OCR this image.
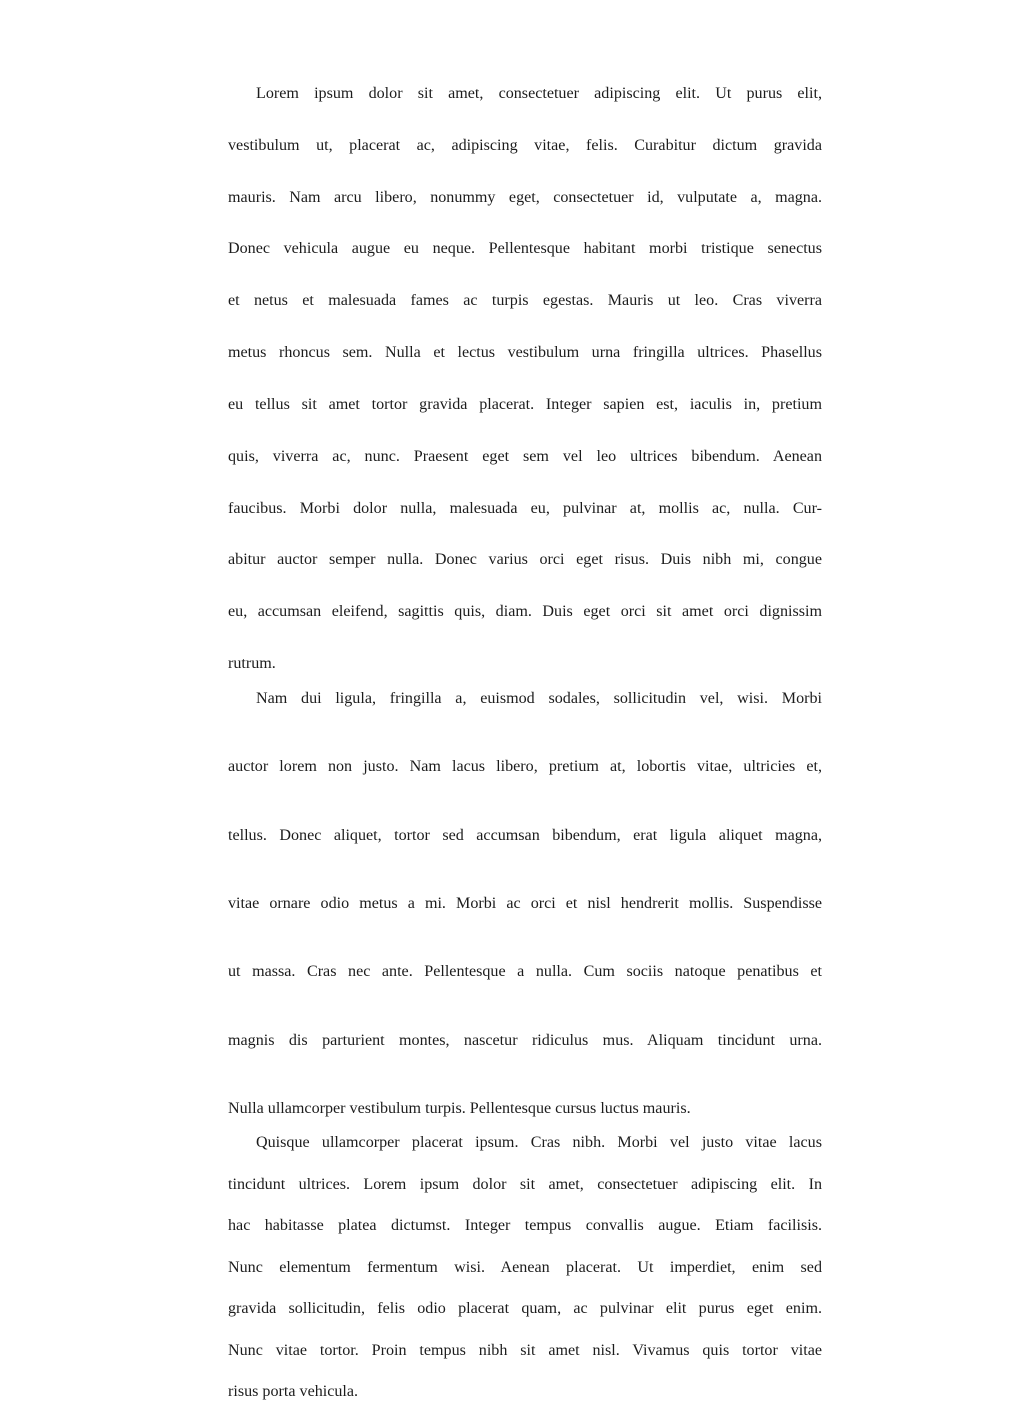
Lorem ipsum dolor sit amet, consectetuer adipiscing elit. Ut purus elit,
vestibulum ut, placerat ac, adipiscing vitae, felis. Curabitur dictum gravida
mauris. Nam arcu libero, nonummy eget, consectetuer id, vulputate a, magna.
Donec vehicula augue eu neque. Pellentesque habitant morbi tristique senectus
et netus et malesuada fames ac turpis egestas. Mauris ut leo. Cras viverra
metus rhoncus sem. Nulla et lectus vestibulum urna fringilla ultrices. Phasellus
eu tellus sit amet tortor gravida placerat. Integer sapien est, iaculis in, pretium
quis, viverra ac, nunc. Praesent eget sem vel leo ultrices bibendum. Aenean
faucibus. Morbi dolor nulla, malesuada eu, pulvinar at, mollis ac, nulla. Cur-
abitur auctor semper nulla. Donec varius orci eget risus. Duis nibh mi, congue
eu, accumsan eleifend, sagittis quis, diam. Duis eget orci sit amet orci dignissim
rutrum.

Nam dui ligula, fringilla a, euismod sodales, sollicitudin vel, wisi. Morbi
auctor lorem non justo. Nam lacus libero, pretium at, lobortis vitae, ultricies et,
tellus. Donec aliquet, tortor sed accumsan bibendum, erat ligula aliquet magna,
vitae ornare odio metus a mi. Morbi ac orci et nisl hendrerit mollis. Suspendisse
ut massa. Cras nec ante. Pellentesque a nulla. Cum sociis natoque penatibus et
magnis dis parturient montes, nascetur ridiculus mus. Aliquam tincidunt urna.
Nulla ullamcorper vestibulum turpis. Pellentesque cursus luctus mauris.

Quisque ullamcorper placerat ipsum. Cras nibh. Morbi vel justo vitae lacus
tincidunt ultrices. Lorem ipsum dolor sit amet, consectetuer adipiscing elit. In
hac habitasse platea dictumst. Integer tempus convallis augue. Etiam facilisis.
Nunc elementum fermentum wisi. Aenean placerat. Ut imperdiet, enim sed
gravida sollicitudin, felis odio placerat quam, ac pulvinar elit purus eget enim.
Nunc vitae tortor. Proin tempus nibh sit amet nisl. Vivamus quis tortor vitae
risus porta vehicula.
